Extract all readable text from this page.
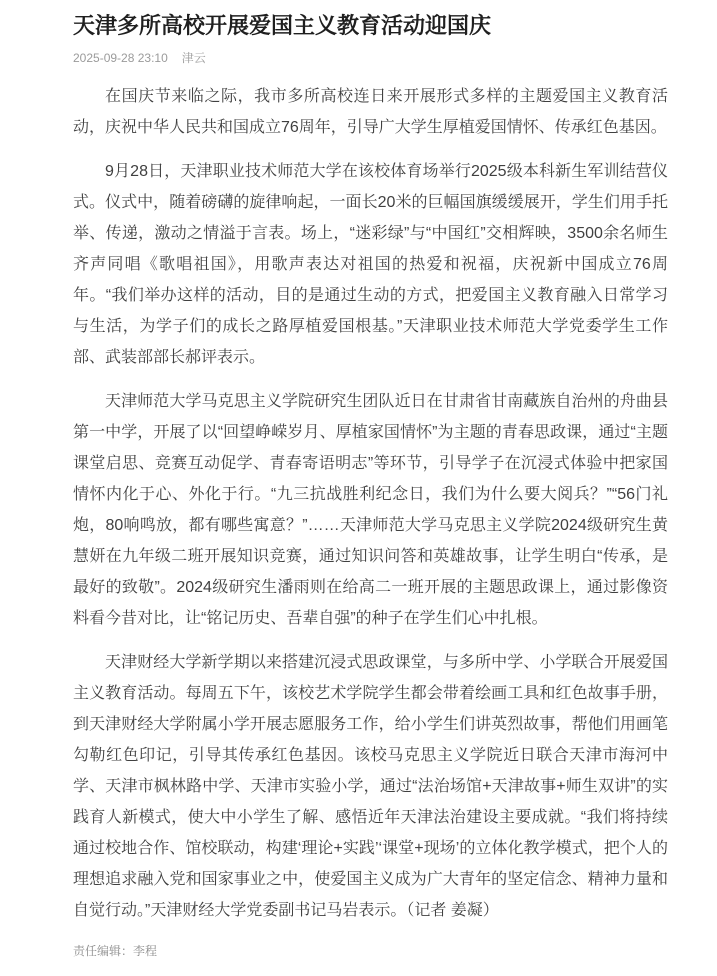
天津多所高校开展爱国主义教育活动迎国庆
2025-09-28 23:10 津云

在国庆节来临之际，我市多所高校连日来开展形式多样的主题爱国主义教育活动，庆祝中华人民共和国成立76周年，引导广大学生厚植爱国情怀、传承红色基因。

9月28日，天津职业技术师范大学在该校体育场举行2025级本科新生军训结营仪式。仪式中，随着磅礴的旋律响起，一面长20米的巨幅国旗缓缓展开，学生们用手托举、传递，激动之情溢于言表。场上，“迷彩绿”与“中国红”交相辉映，3500余名师生齐声同唱《歌唱祖国》，用歌声表达对祖国的热爱和祝福，庆祝新中国成立76周年。“我们举办这样的活动，目的是通过生动的方式，把爱国主义教育融入日常学习与生活，为学子们的成长之路厚植爱国根基。”天津职业技术师范大学党委学生工作部、武装部部长郝评表示。

天津师范大学马克思主义学院研究生团队近日在甘肃省甘南藏族自治州的舟曲县第一中学，开展了以“回望峥嵘岁月、厚植家国情怀”为主题的青春思政课，通过“主题课堂启思、竞赛互动促学、青春寄语明志”等环节，引导学子在沉浸式体验中把家国情怀内化于心、外化于行。“九三抗战胜利纪念日，我们为什么要大阅兵？”“56门礼炮，80响鸣放，都有哪些寓意？”……天津师范大学马克思主义学院2024级研究生黄慧妍在九年级二班开展知识竞赛，通过知识问答和英雄故事，让学生明白“传承，是最好的致敬”。2024级研究生潘雨则在给高二一班开展的主题思政课上，通过影像资料看今昔对比，让“铭记历史、吾辈自强”的种子在学生们心中扎根。

天津财经大学新学期以来搭建沉浸式思政课堂，与多所中学、小学联合开展爱国主义教育活动。每周五下午，该校艺术学院学生都会带着绘画工具和红色故事手册，到天津财经大学附属小学开展志愿服务工作，给小学生们讲英烈故事，帮他们用画笔勾勒红色印记，引导其传承红色基因。该校马克思主义学院近日联合天津市海河中学、天津市枫林路中学、天津市实验小学，通过“法治场馆+天津故事+师生双讲”的实践育人新模式，使大中小学生了解、感悟近年天津法治建设主要成就。“我们将持续通过校地合作、馆校联动，构建‘理论+实践’‘课堂+现场’的立体化教学模式，把个人的理想追求融入党和国家事业之中，使爱国主义成为广大青年的坚定信念、精神力量和自觉行动。”天津财经大学党委副书记马岩表示。（记者 姜凝）

责任编辑：李程
